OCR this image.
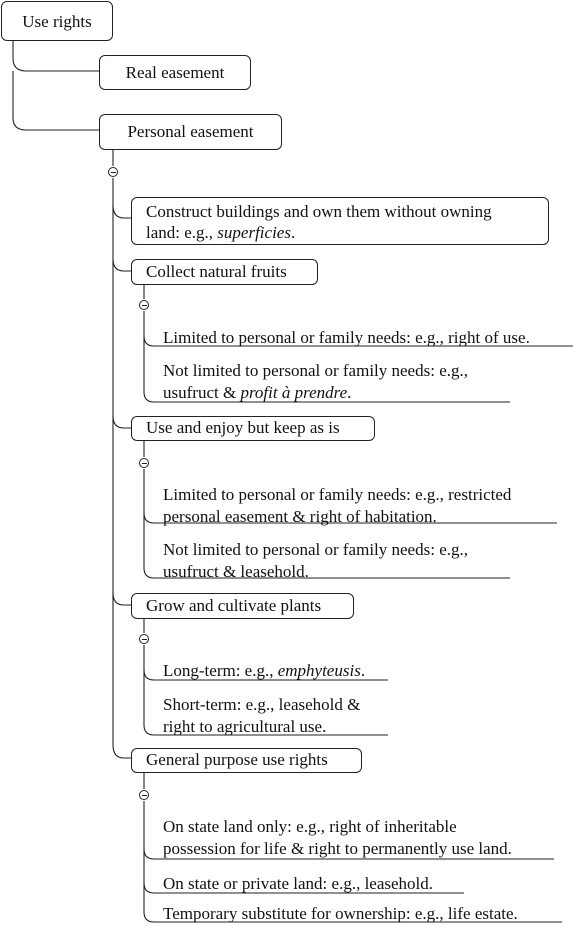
Use rights
Real easement
Personal easement
Construct buildings and own them without owning
land: e.g., superficies.
Collect natural fruits
Limited to personal or family needs: e.g., right of use.
Not limited to personal or family needs: e.g.,
usufruct & profit à prendre.
Use and enjoy but keep as is
Limited to personal or family needs: e.g., restricted
personal easement & right of habitation.
Not limited to personal or family needs: e.g.,
usufruct & leasehold.
Grow and cultivate plants
Long-term: e.g., emphyteusis.
Short-term: e.g., leasehold &
right to agricultural use.
General purpose use rights
On state land only: e.g., right of inheritable
possession for life & right to permanently use land.
On state or private land: e.g., leasehold.
Temporary substitute for ownership: e.g., life estate.
